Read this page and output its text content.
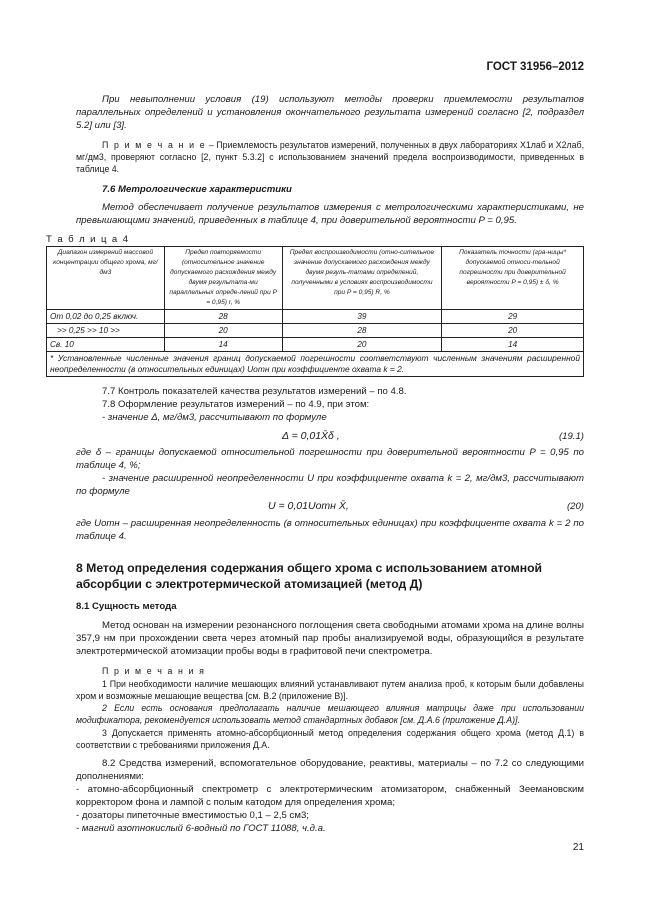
ГОСТ 31956–2012
При невыполнении условия (19) используют методы проверки приемлемости результатов параллельных определений и установления окончательного результата измерений согласно [2, подраздел 5.2] или [3].
П р и м е ч а н и е – Приемлемость результатов измерений, полученных в двух лабораториях X1лаб и X2лаб, мг/дм3, проверяют согласно [2, пункт 5.3.2] с использованием значений предела воспроизводимости, приведенных в таблице 4.
7.6 Метрологические характеристики
Метод обеспечивает получение результатов измерения с метрологическими характеристиками, не превышающими значений, приведенных в таблице 4, при доверительной вероятности P = 0,95.
Т а б л и ц а 4
Диапазон измерений массовой концентрации общего хрома, мг/дм3	Предел повторяемости (относительное значение допускаемого расхождения между двумя результата-ми параллельных опреде-лений при P = 0,95) r, %	Предел воспроизводимости (отно-сительное значение допускаемого расхождения между двумя резуль-татами определений, полученными в условиях воспроизводимости при P = 0,95) R, %	Показатель точности (гра-ницы* допускаемой относи-тельной погрешности при доверительной вероятности P = 0,95) ± δ, %
От 0,02 до 0,25 включ.	28	39	29
>> 0,25 >> 10 >>	20	28	20
Св. 10	14	20	14
* Установленные численные значения границ допускаемой погрешности соответствуют численным значениям расширенной неопределенности (в относительных единицах) Uотн при коэффициенте охвата k = 2.			
7.7 Контроль показателей качества результатов измерений – по 4.8.
7.8 Оформление результатов измерений – по 4.9, при этом:
- значение Δ, мг/дм3, рассчитывают по формуле
Δ = 0,01X̄δ ,	(19.1)
где δ – границы допускаемой относительной погрешности при доверительной вероятности P = 0,95 по таблице 4, %;
- значение расширенной неопределенности U при коэффициенте охвата k = 2, мг/дм3, рассчитывают по формуле
U = 0,01Uотн X̄,	(20)
где Uотн – расширенная неопределенность (в относительных единицах) при коэффициенте охвата k = 2 по таблице 4.
8 Метод определения содержания общего хрома с использованием атомной абсорбции с электротермической атомизацией (метод Д)
8.1 Сущность метода
Метод основан на измерении резонансного поглощения света свободными атомами хрома на длине волны 357,9 нм при прохождении света через атомный пар пробы анализируемой воды, образующийся в результате электротермической атомизации пробы воды в графитовой печи спектрометра.
П р и м е ч а н и я
1 При необходимости наличие мешающих влияний устанавливают путем анализа проб, к которым были добавлены хром и возможные мешающие вещества [см. В.2 (приложение В)].
2 Если есть основания предполагать наличие мешающего влияния матрицы даже при использовании модификатора, рекомендуется использовать метод стандартных добавок [см. Д.А.6 (приложение Д.А)].
3 Допускается применять атомно-абсорбционный метод определения содержания общего хрома (метод Д.1) в соответствии с требованиями приложения Д.А.
8.2 Средства измерений, вспомогательное оборудование, реактивы, материалы – по 7.2 со следующими дополнениями:
- атомно-абсорбционный спектрометр с электротермическим атомизатором, снабженный Зеемановским корректором фона и лампой с полым катодом для определения хрома;
- дозаторы пипеточные вместимостью 0,1 – 2,5 см3;
- магний азотнокислый 6-водный по ГОСТ 11088, ч.д.а.
21
